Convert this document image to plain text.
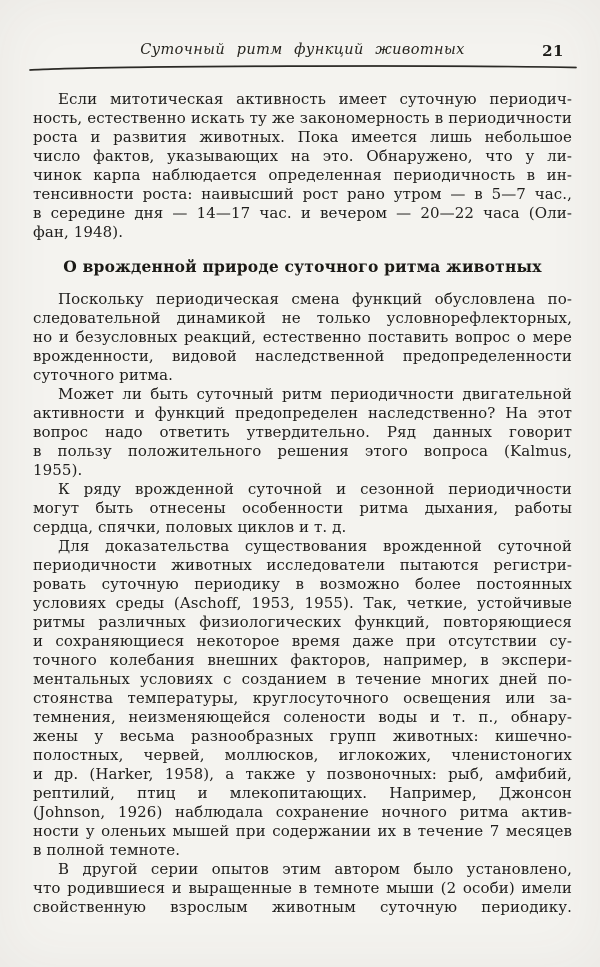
Суточный ритм функций животных	21
Если митотическая активность имеет суточную периодич-
ность, естественно искать ту же закономерность в периодичности
роста и развития животных. Пока имеется лишь небольшое
число фактов, указывающих на это. Обнаружено, что у ли-
чинок карпа наблюдается определенная периодичность в ин-
тенсивности роста: наивысший рост рано утром — в 5—7 час.,
в середине дня — 14—17 час. и вечером — 20—22 часа (Оли-
фан, 1948).
О врожденной природе суточного ритма животных
Поскольку периодическая смена функций обусловлена по-
следовательной динамикой не только условнорефлекторных,
но и безусловных реакций, естественно поставить вопрос о мере
врожденности, видовой наследственной предопределенности
суточного ритма.
Может ли быть суточный ритм периодичности двигательной
активности и функций предопределен наследственно? На этот
вопрос надо ответить утвердительно. Ряд данных говорит
в пользу положительного решения этого вопроса (Kalmus,
1955).
К ряду врожденной суточной и сезонной периодичности
могут быть отнесены особенности ритма дыхания, работы
сердца, спячки, половых циклов и т. д.
Для доказательства существования врожденной суточной
периодичности животных исследователи пытаются регистри-
ровать суточную периодику в возможно более постоянных
условиях среды (Aschoff, 1953, 1955). Так, четкие, устойчивые
ритмы различных физиологических функций, повторяющиеся
и сохраняющиеся некоторое время даже при отсутствии су-
точного колебания внешних факторов, например, в экспери-
ментальных условиях с созданием в течение многих дней по-
стоянства температуры, круглосуточного освещения или за-
темнения, неизменяющейся солености воды и т. п., обнару-
жены у весьма разнообразных групп животных: кишечно-
полостных, червей, моллюсков, иглокожих, членистоногих
и др. (Harker, 1958), а также у позвоночных: рыб, амфибий,
рептилий, птиц и млекопитающих. Например, Джонсон
(Johnson, 1926) наблюдала сохранение ночного ритма актив-
ности у оленьих мышей при содержании их в течение 7 месяцев
в полной темноте.
В другой серии опытов этим автором было установлено,
что родившиеся и выращенные в темноте мыши (2 особи) имели
свойственную взрослым животным суточную периодику.
